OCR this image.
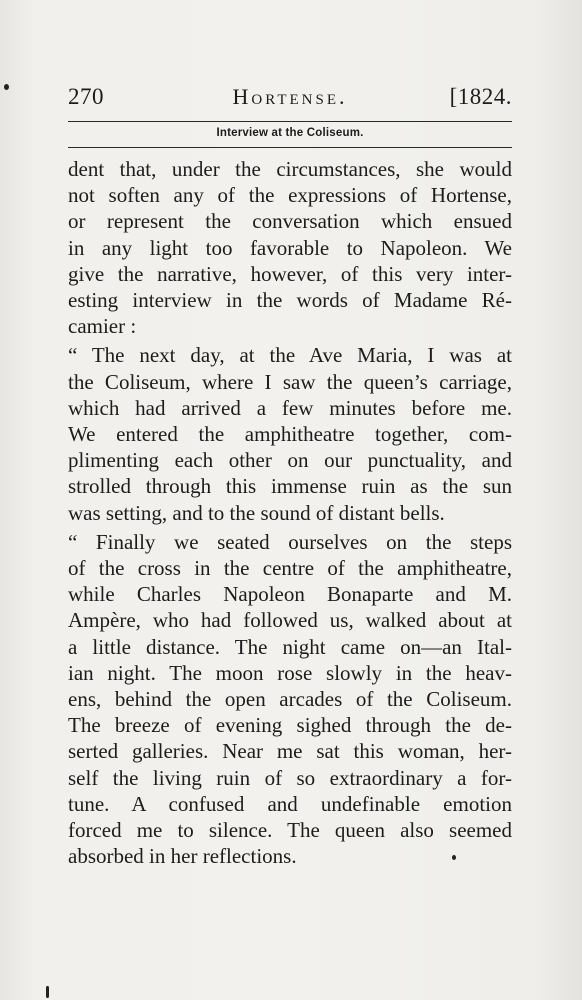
270	Hortense.	[1824.
Interview at the Coliseum.

dent that, under the circumstances, she would
not soften any of the expressions of Hortense,
or represent the conversation which ensued
in any light too favorable to Napoleon. We
give the narrative, however, of this very inter-
esting interview in the words of Madame Ré-
camier :

“ The next day, at the Ave Maria, I was at
the Coliseum, where I saw the queen’s carriage,
which had arrived a few minutes before me.
We entered the amphitheatre together, com-
plimenting each other on our punctuality, and
strolled through this immense ruin as the sun
was setting, and to the sound of distant bells.

“ Finally we seated ourselves on the steps
of the cross in the centre of the amphitheatre,
while Charles Napoleon Bonaparte and M.
Ampère, who had followed us, walked about at
a little distance. The night came on—an Ital-
ian night. The moon rose slowly in the heav-
ens, behind the open arcades of the Coliseum.
The breeze of evening sighed through the de-
serted galleries. Near me sat this woman, her-
self the living ruin of so extraordinary a for-
tune. A confused and undefinable emotion
forced me to silence. The queen also seemed
absorbed in her reflections.
